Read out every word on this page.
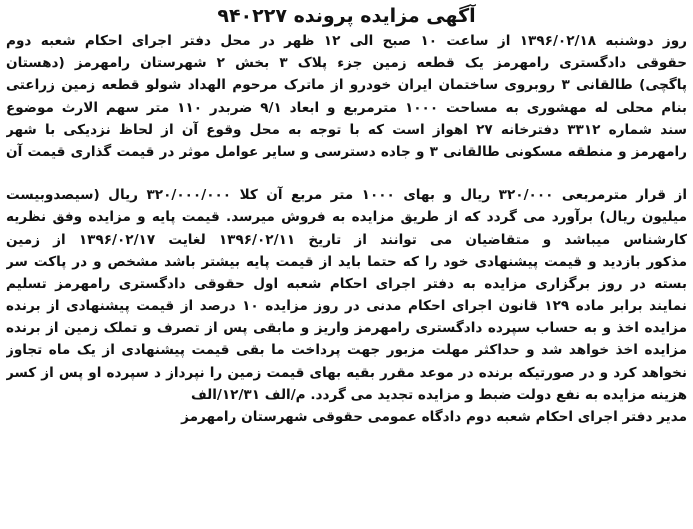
آگهی مزایده پرونده ۹۴۰۲۲۷
روز دوشنبه ۱۳۹۶/۰۲/۱۸ از ساعت ۱۰ صبح الی ۱۲ ظهر در محل دفتر اجرای احکام شعبه دوم
حقوقی دادگستری رامهرمز یک قطعه زمین جزء پلاک ۳ بخش ۲ شهرستان رامهرمز (دهستان
پاگچی) طالقانی ۳ روبروی ساختمان ایران خودرو از ماترک مرحوم الهداد شولو قطعه زمین زراعتی
بنام محلی له مهشوری به مساحت ۱۰۰۰ مترمربع و ابعاد ۹/۱ ضربدر ۱۱۰ متر سهم الارث موضوع
سند شماره ۳۳۱۲ دفترخانه ۲۷ اهواز است که با توجه به محل وقوع آن از لحاظ نزدیکی با شهر
رامهرمز و منطقه مسکونی طالقانی ۳ و جاده دسترسی و سایر عوامل موثر در قیمت گذاری قیمت آن
از قرار مترمربعی ۳۲۰/۰۰۰ ریال و بهای ۱۰۰۰ متر مربع آن کلا ۳۲۰/۰۰۰/۰۰۰ ریال (سیصدوبیست
میلیون ریال) برآورد می گردد که از طریق مزایده به فروش میرسد. قیمت پایه و مزایده وفق نظریه
کارشناس میباشد و متقاضیان می توانند از تاریخ ۱۳۹۶/۰۲/۱۱ لغایت ۱۳۹۶/۰۲/۱۷ از زمین
مذکور بازدید و قیمت پیشنهادی خود را که حتما باید از قیمت پایه بیشتر باشد مشخص و در پاکت سر
بسته در روز برگزاری مزایده به دفتر اجرای احکام شعبه اول حقوقی دادگستری رامهرمز تسلیم
نمایند برابر ماده ۱۲۹ قانون اجرای احکام مدنی در روز مزایده ۱۰ درصد از قیمت پیشنهادی از برنده
مزایده اخذ و به حساب سپرده دادگستری رامهرمز واریز و مابقی پس از تصرف و تملک زمین از برنده
مزایده اخذ خواهد شد و حداکثر مهلت مزبور جهت پرداخت ما بقی قیمت پیشنهادی از یک ماه تجاوز
نخواهد کرد و در صورتیکه برنده در موعد مقرر بقیه بهای قیمت زمین را نپرداز د سپرده او پس از کسر
هزینه مزایده به نفع دولت ضبط و مزایده تجدید می گردد. م/الف ۱۲/۳۱/الف
مدیر دفتر اجرای احکام شعبه دوم دادگاه عمومی حقوقی شهرستان رامهرمز
